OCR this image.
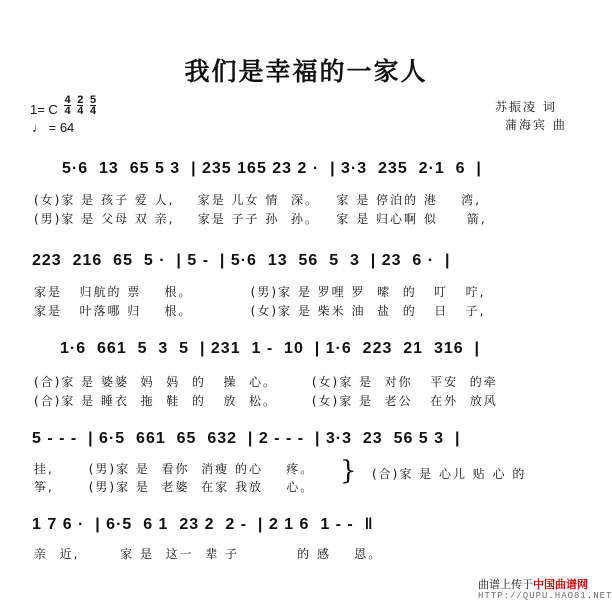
我们是幸福的一家人
1= C $\frac{4}{4}$
$\frac{2}{4}$
$\frac{5}{4}$
♩ = 64
苏振凌 词
蒲海宾 曲
5·6  13  65 5 3  | 235 165 23 2 ·  | 3·3  235  2·1  6  |
(女)家 是 孩子 爱 人,    家是 儿女 情  深。   家 是 停泊的 港    湾,
(男)家 是 父母 双 亲,    家是 子子 孙  孙。   家 是 归心啊 似     箭,
223  216  65  5 ·  | 5 -  | 5·6  13  56  5  3  | 23  6 ·  |
家是   归航的 票    根。          (男)家 是 罗哩 罗  嗦  的   叮   咛,
家是   叶落哪 归    根。          (女)家 是 柴米 油  盐  的   日   子,
1·6  661  5  3  5  | 231  1 -  10  | 1·6  223  21  316  |
(合)家 是 婆婆  妈  妈  的   操  心。      (女)家 是  对你   平安  的牵
(合)家 是 睡衣  拖  鞋  的   放  松。      (女)家 是  老公   在外  放风
5 - - -  | 6·5  661  65  632  | 2 - - -  | 3·3  23  56 5 3  |
挂,      (男)家 是  看你  消瘦 的心    疼。
筝,      (男)家 是  老婆  在家 我放    心。
} (合)家 是 心儿 贴 心 的
1 7 6 ·  | 6·5  6 1  23 2  2 -  | 2 1 6  1 - -  ‖
亲  近,       家 是  这一  辈 子          的 感    恩。
曲谱上传于中国曲谱网
HTTP://QUPU.HAO81.NET
